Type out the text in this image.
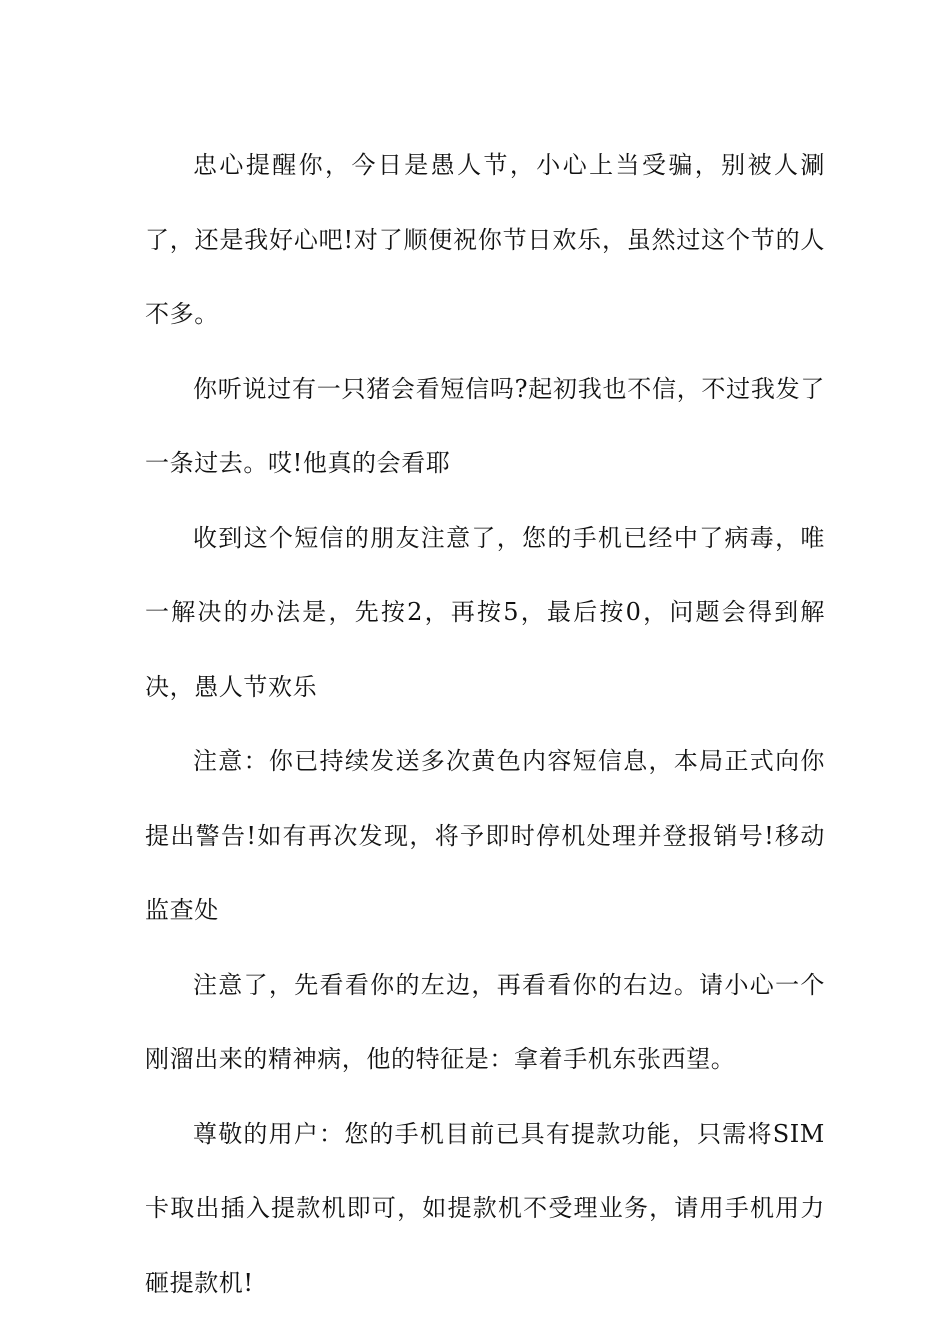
忠心提醒你，今日是愚人节，小心上当受骗，别被人涮了，还是我好心吧!对了顺便祝你节日欢乐，虽然过这个节的人不多。

你听说过有一只猪会看短信吗?起初我也不信，不过我发了一条过去。哎!他真的会看耶

收到这个短信的朋友注意了，您的手机已经中了病毒，唯一解决的办法是，先按2，再按5，最后按0，问题会得到解决，愚人节欢乐

注意：你已持续发送多次黄色内容短信息，本局正式向你提出警告!如有再次发现，将予即时停机处理并登报销号!移动监查处

注意了，先看看你的左边，再看看你的右边。请小心一个刚溜出来的精神病，他的特征是：拿着手机东张西望。

尊敬的用户：您的手机目前已具有提款功能，只需将SIM卡取出插入提款机即可，如提款机不受理业务，请用手机用力砸提款机!
